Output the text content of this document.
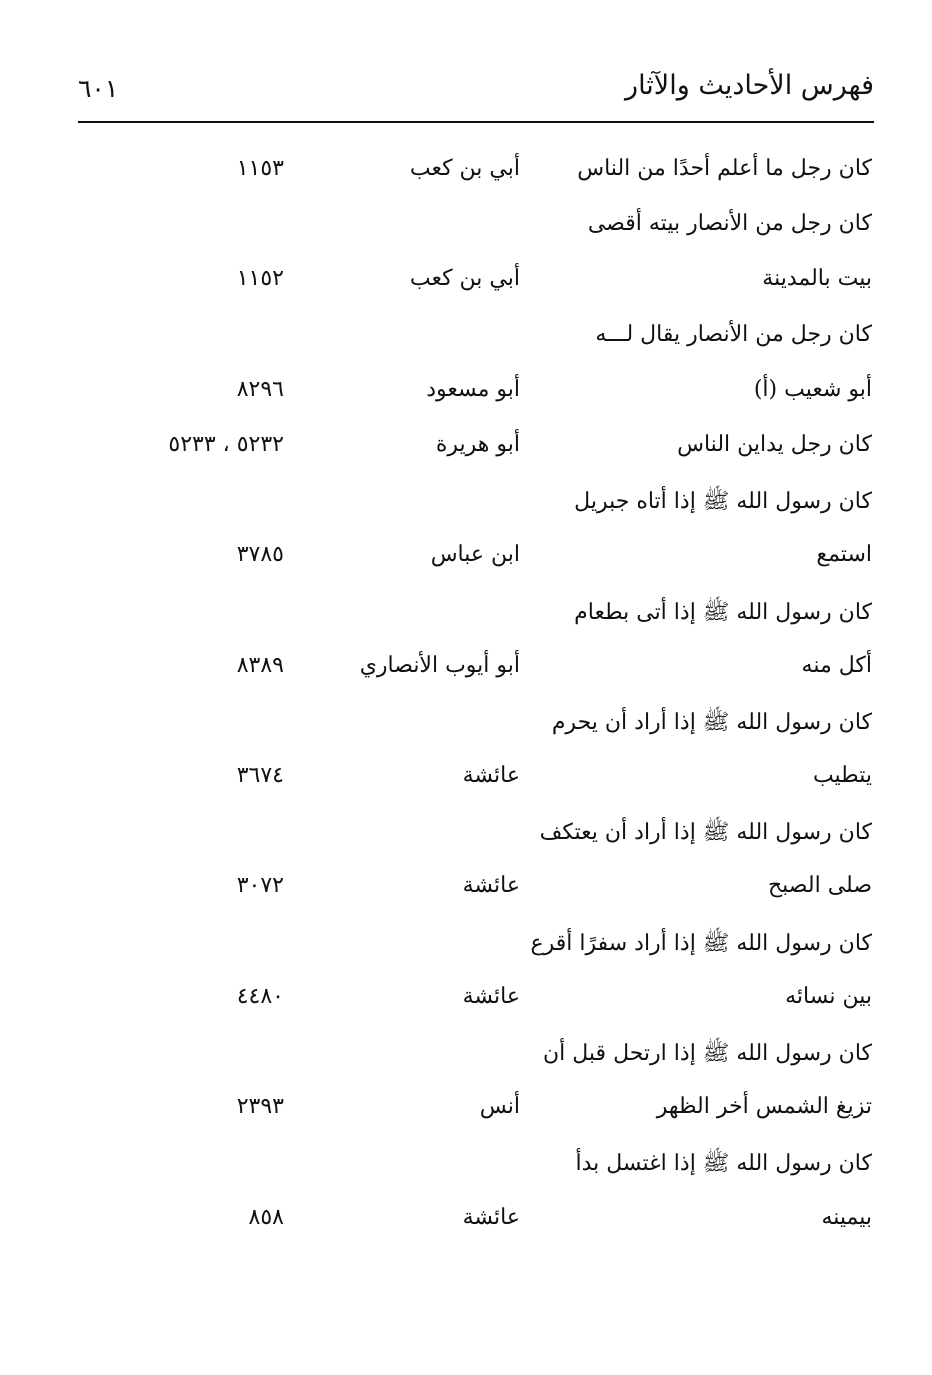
فهرس الأحاديث والآثار
٦٠١
كان رجل ما أعلم أحدًا من الناس
أبي بن كعب
١١٥٣
كان رجل من الأنصار بيته أقصى
بيت بالمدينة
أبي بن كعب
١١٥٢
كان رجل من الأنصار يقال لـــه
أبو شعيب (أ)
أبو مسعود
٨٢٩٦
كان رجل يداين الناس
أبو هريرة
٥٢٣٢ ، ٥٢٣٣
كان رسول الله ﷺ إذا أتاه جبريل
استمع
ابن عباس
٣٧٨٥
كان رسول الله ﷺ إذا أتى بطعام
أكل منه
أبو أيوب الأنصاري
٨٣٨٩
كان رسول الله ﷺ إذا أراد أن يحرم
يتطيب
عائشة
٣٦٧٤
كان رسول الله ﷺ إذا أراد أن يعتكف
صلى الصبح
عائشة
٣٠٧٢
كان رسول الله ﷺ إذا أراد سفرًا أقرع
بين نسائه
عائشة
٤٤٨٠
كان رسول الله ﷺ إذا ارتحل قبل أن
تزيغ الشمس أخر الظهر
أنس
٢٣٩٣
كان رسول الله ﷺ إذا اغتسل بدأ
بيمينه
عائشة
٨٥٨
